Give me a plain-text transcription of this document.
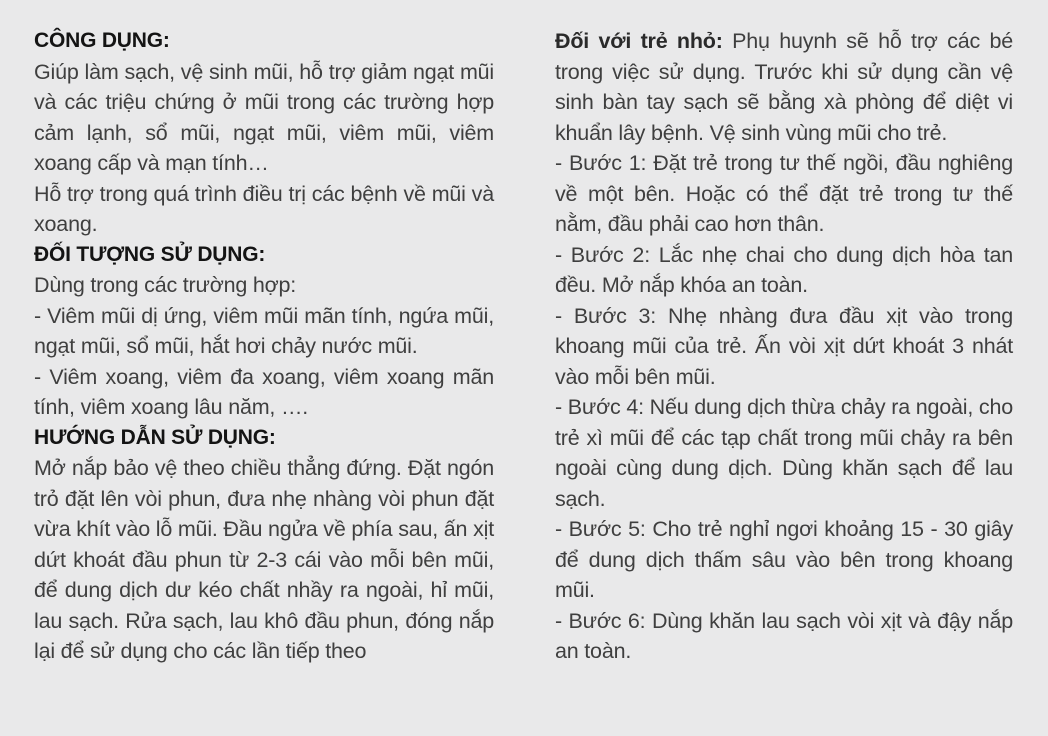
CÔNG DỤNG:

Giúp làm sạch, vệ sinh mũi, hỗ trợ giảm ngạt mũi và các triệu chứng ở mũi trong các trường hợp cảm lạnh, sổ mũi, ngạt mũi, viêm mũi, viêm xoang cấp và mạn tính…

Hỗ trợ trong quá trình điều trị các bệnh về mũi và xoang.

ĐỐI TƯỢNG SỬ DỤNG:

Dùng trong các trường hợp:

- Viêm mũi dị ứng, viêm mũi mãn tính, ngứa mũi, ngạt mũi, sổ mũi, hắt hơi chảy nước mũi.

- Viêm xoang, viêm đa xoang, viêm xoang mãn tính, viêm xoang lâu năm, ….

HƯỚNG DẪN SỬ DỤNG:

Mở nắp bảo vệ theo chiều thẳng đứng. Đặt ngón trỏ đặt lên vòi phun, đưa nhẹ nhàng vòi phun đặt vừa khít vào lỗ mũi. Đầu ngửa về phía sau, ấn xịt dứt khoát đầu phun từ 2-3 cái vào mỗi bên mũi, để dung dịch dư kéo chất nhầy ra ngoài, hỉ mũi, lau sạch. Rửa sạch, lau khô đầu phun, đóng nắp lại để sử dụng cho các lần tiếp theo

Đối với trẻ nhỏ: Phụ huynh sẽ hỗ trợ các bé trong việc sử dụng. Trước khi sử dụng cần vệ sinh bàn tay sạch sẽ bằng xà phòng để diệt vi khuẩn lây bệnh. Vệ sinh vùng mũi cho trẻ.

- Bước 1: Đặt trẻ trong tư thế ngồi, đầu nghiêng về một bên. Hoặc có thể đặt trẻ trong tư thế nằm, đầu phải cao hơn thân.

- Bước 2: Lắc nhẹ chai cho dung dịch hòa tan đều. Mở nắp khóa an toàn.

- Bước 3: Nhẹ nhàng đưa đầu xịt vào trong khoang mũi của trẻ. Ấn vòi xịt dứt khoát 3 nhát vào mỗi bên mũi.

- Bước 4: Nếu dung dịch thừa chảy ra ngoài, cho trẻ xì mũi để các tạp chất trong mũi chảy ra bên ngoài cùng dung dịch. Dùng khăn sạch để lau sạch.

- Bước 5: Cho trẻ nghỉ ngơi khoảng 15 - 30 giây để dung dịch thấm sâu vào bên trong khoang mũi.

- Bước 6: Dùng khăn lau sạch vòi xịt và đậy nắp an toàn.
